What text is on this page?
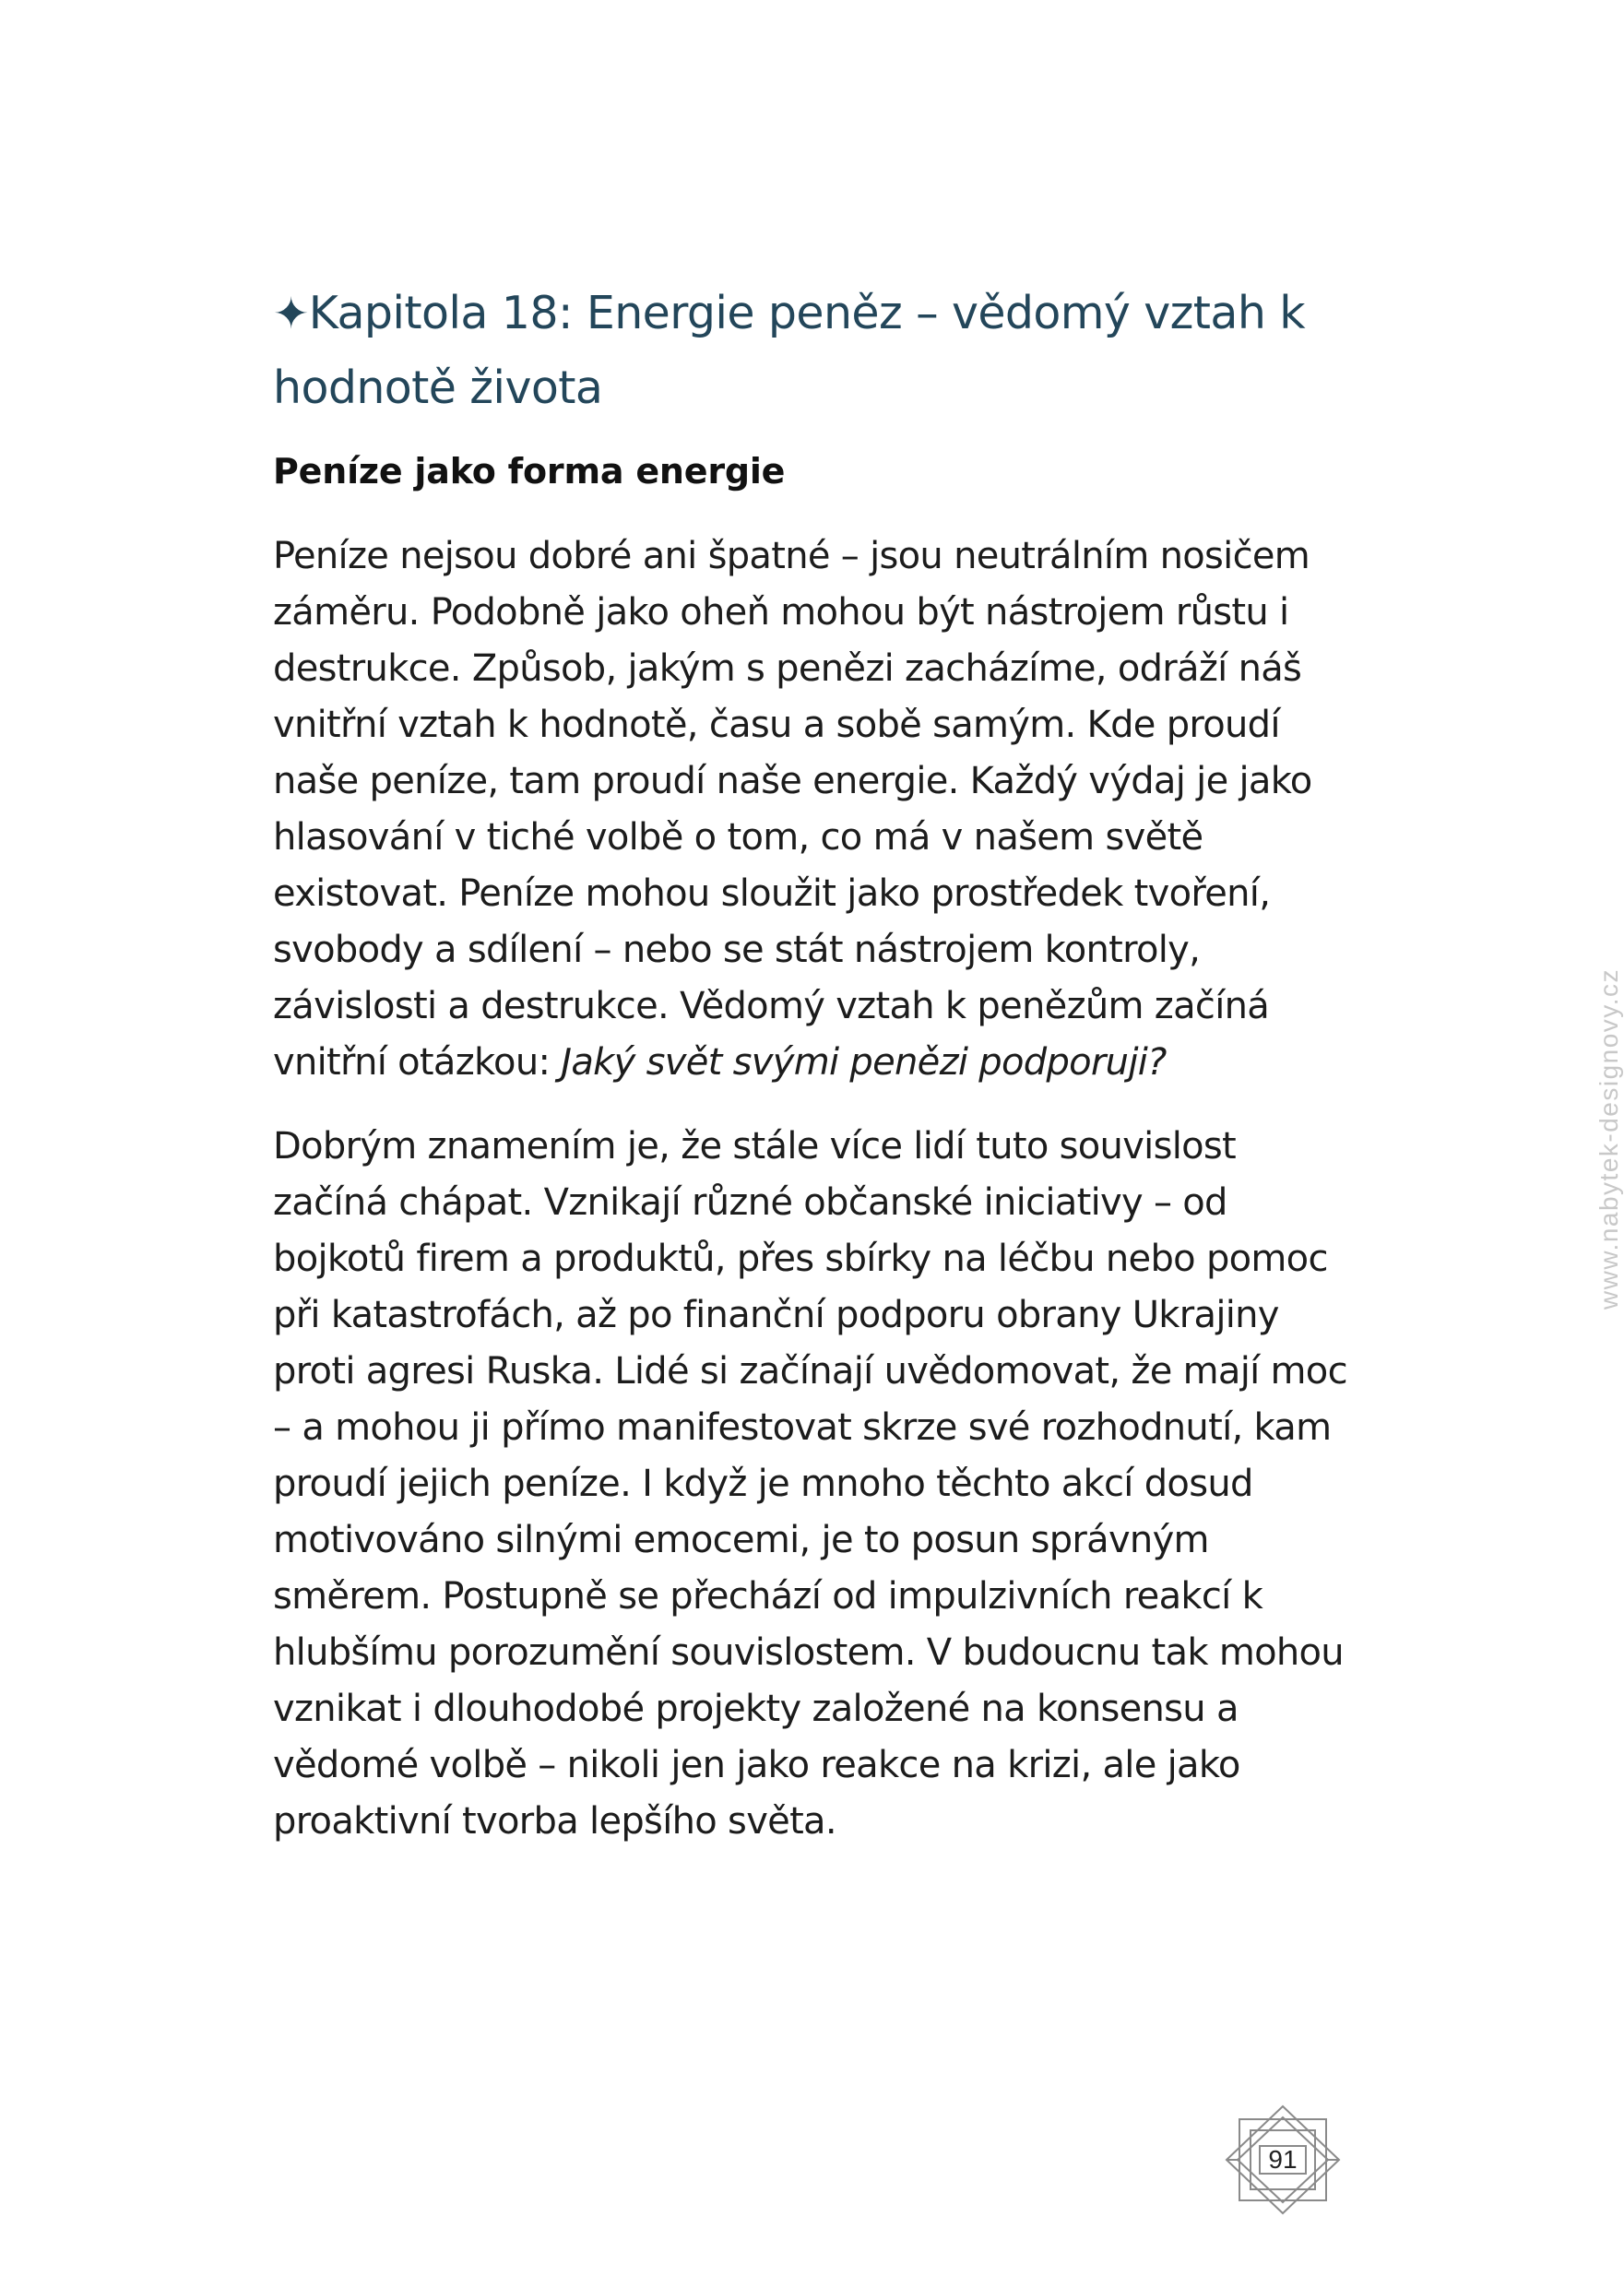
✦Kapitola 18: Energie peněz – vědomý vztah k hodnotě života
Peníze jako forma energie

Peníze nejsou dobré ani špatné – jsou neutrálním nosičem záměru. Podobně jako oheň mohou být nástrojem růstu i destrukce. Způsob, jakým s penězi zacházíme, odráží náš vnitřní vztah k hodnotě, času a sobě samým. Kde proudí naše peníze, tam proudí naše energie. Každý výdaj je jako hlasování v tiché volbě o tom, co má v našem světě existovat. Peníze mohou sloužit jako prostředek tvoření, svobody a sdílení – nebo se stát nástrojem kontroly, závislosti a destrukce. Vědomý vztah k penězům začíná vnitřní otázkou: Jaký svět svými penězi podporuji?

Dobrým znamením je, že stále více lidí tuto souvislost začíná chápat. Vznikají různé občanské iniciativy – od bojkotů firem a produktů, přes sbírky na léčbu nebo pomoc při katastrofách, až po finanční podporu obrany Ukrajiny proti agresi Ruska. Lidé si začínají uvědomovat, že mají moc – a mohou ji přímo manifestovat skrze své rozhodnutí, kam proudí jejich peníze. I když je mnoho těchto akcí dosud motivováno silnými emocemi, je to posun správným směrem. Postupně se přechází od impulzivních reakcí k hlubšímu porozumění souvislostem. V budoucnu tak mohou vznikat i dlouhodobé projekty založené na konsensu a vědomé volbě – nikoli jen jako reakce na krizi, ale jako proaktivní tvorba lepšího světa.

www.nabytek-designovy.cz
91
